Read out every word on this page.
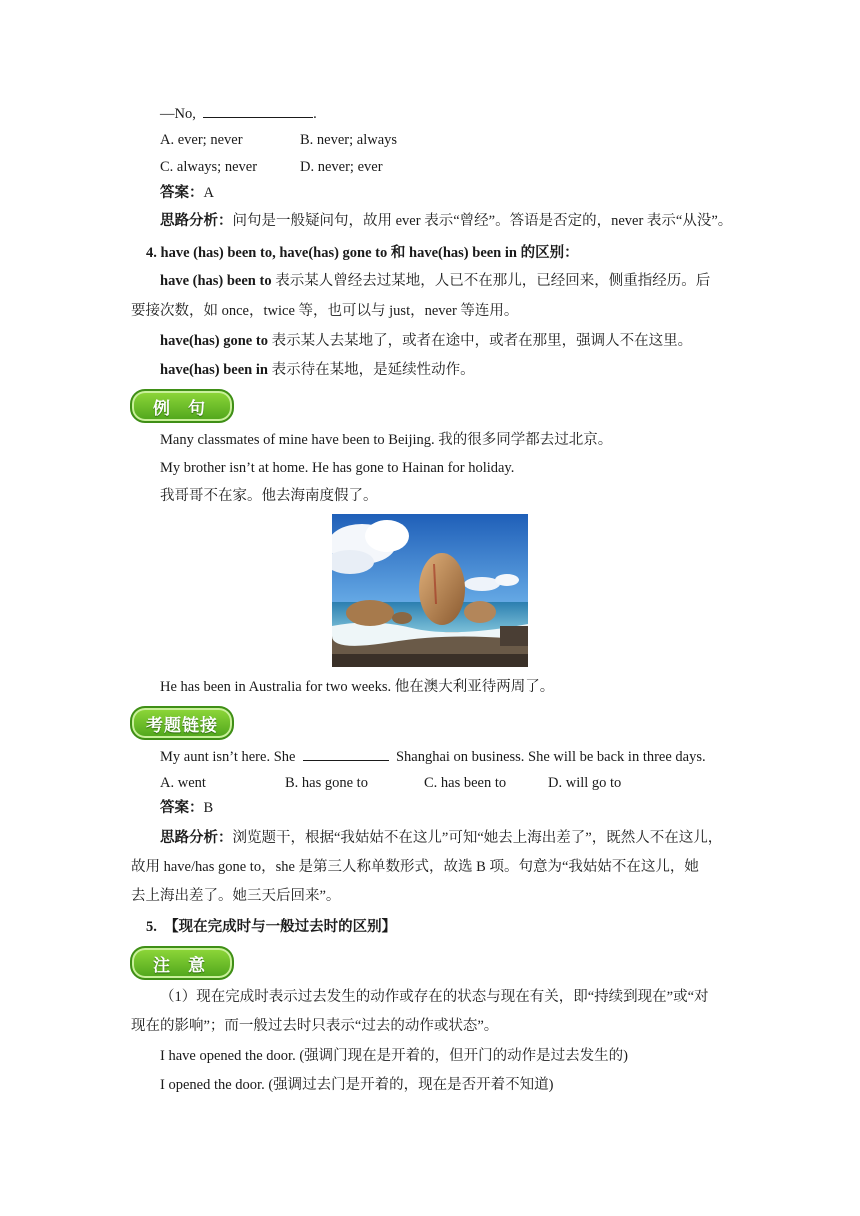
—No,	.
A. ever; never	B. never; always
C. always; never	D. never; ever
答案：A
思路分析：问句是一般疑问句，故用 ever 表示“曾经”。答语是否定的，never 表示“从没”。
4. have (has) been to, have(has) gone to 和 have(has) been in 的区别：
have (has) been to 表示某人曾经去过某地，人已不在那儿，已经回来，侧重指经历。后
要接次数，如 once，twice 等，也可以与 just，never 等连用。
have(has) gone to 表示某人去某地了，或者在途中，或者在那里，强调人不在这里。
have(has) been in 表示待在某地，是延续性动作。
例 句
Many classmates of mine have been to Beijing. 我的很多同学都去过北京。
My brother isn’t at home. He has gone to Hainan for holiday.
我哥哥不在家。他去海南度假了。
He has been in Australia for two weeks. 他在澳大利亚待两周了。
考题链接
My aunt isn’t here. She	Shanghai on business. She will be back in three days.
A. went	B. has gone to	C. has been to	D. will go to
答案：B
思路分析：浏览题干，根据“我姑姑不在这儿”可知“她去上海出差了”，既然人不在这儿，
故用 have/has gone to，she 是第三人称单数形式，故选 B 项。句意为“我姑姑不在这儿，她
去上海出差了。她三天后回来”。
5. 【现在完成时与一般过去时的区别】
注 意
（1）现在完成时表示过去发生的动作或存在的状态与现在有关，即“持续到现在”或“对
现在的影响”；而一般过去时只表示“过去的动作或状态”。
I have opened the door. (强调门现在是开着的，但开门的动作是过去发生的)
I opened the door. (强调过去门是开着的，现在是否开着不知道)
